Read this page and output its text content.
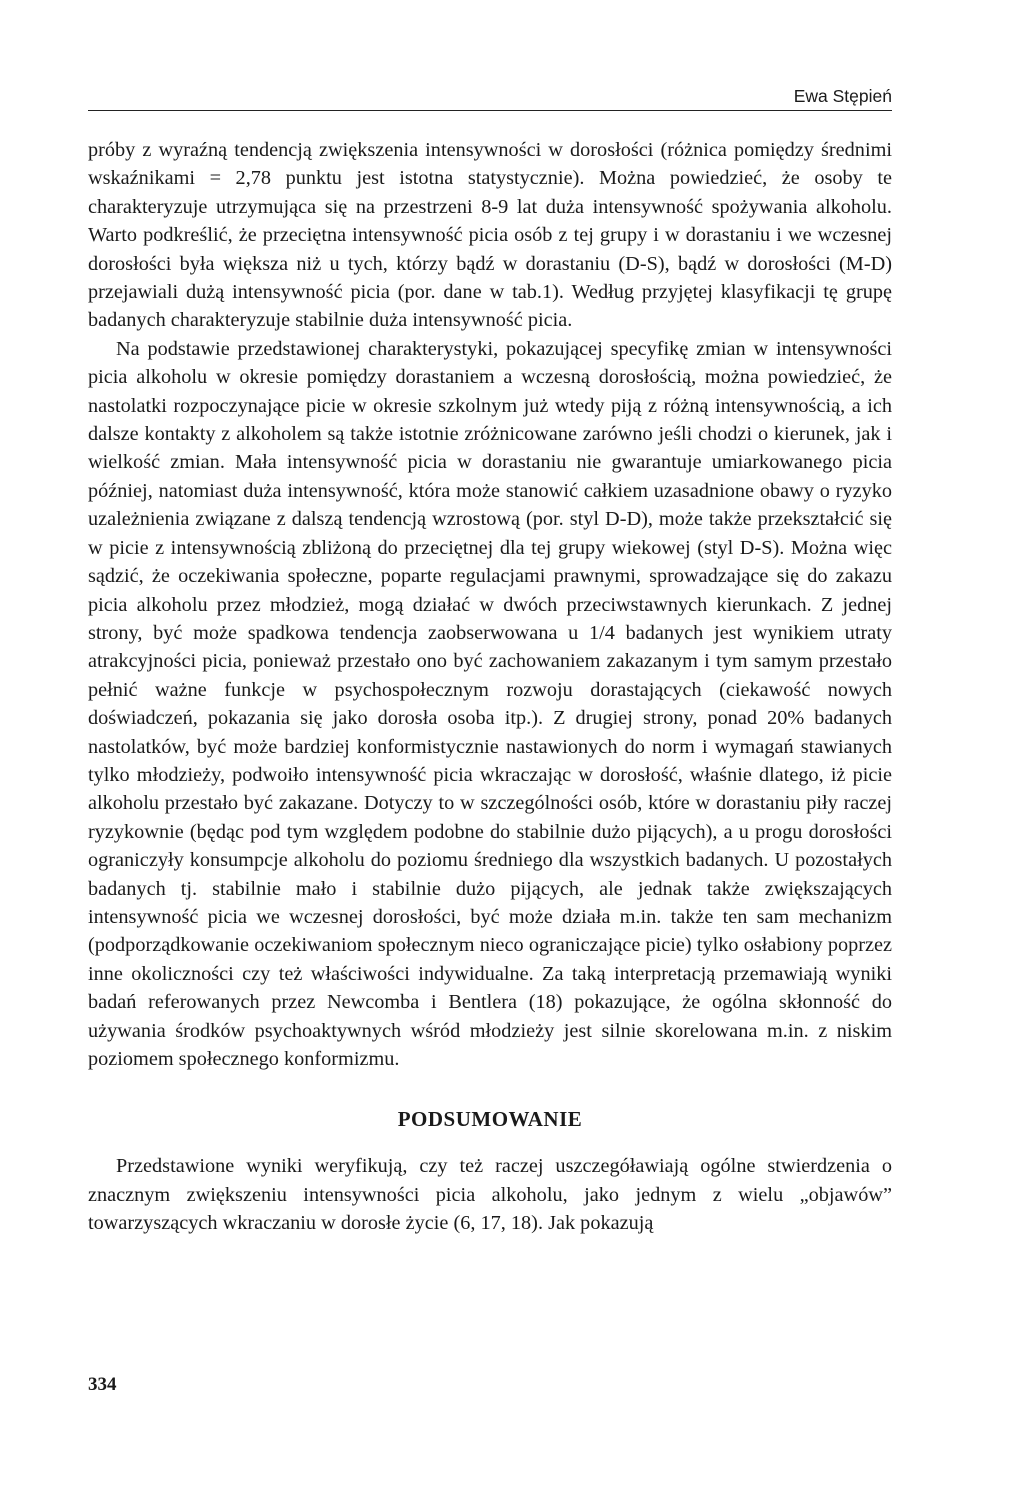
Ewa Stępień

próby z wyraźną tendencją zwiększenia intensywności w dorosłości (różnica pomiędzy średnimi wskaźnikami = 2,78 punktu jest istotna statystycznie). Można powiedzieć, że osoby te charakteryzuje utrzymująca się na przestrzeni 8-9 lat duża intensywność spożywania alkoholu. Warto podkreślić, że przeciętna intensywność picia osób z tej grupy i w dorastaniu i we wczesnej dorosłości była większa niż u tych, którzy bądź w dorastaniu (D-S), bądź w dorosłości (M-D) przejawiali dużą intensywność picia (por. dane w tab.1). Według przyjętej klasyfikacji tę grupę badanych charakteryzuje stabilnie duża intensywność picia.

Na podstawie przedstawionej charakterystyki, pokazującej specyfikę zmian w intensywności picia alkoholu w okresie pomiędzy dorastaniem a wczesną dorosłością, można powiedzieć, że nastolatki rozpoczynające picie w okresie szkolnym już wtedy piją z różną intensywnością, a ich dalsze kontakty z alkoholem są także istotnie zróżnicowane zarówno jeśli chodzi o kierunek, jak i wielkość zmian. Mała intensywność picia w dorastaniu nie gwarantuje umiarkowanego picia później, natomiast duża intensywność, która może stanowić całkiem uzasadnione obawy o ryzyko uzależnienia związane z dalszą tendencją wzrostową (por. styl D-D), może także przekształcić się w picie z intensywnością zbliżoną do przeciętnej dla tej grupy wiekowej (styl D-S). Można więc sądzić, że oczekiwania społeczne, poparte regulacjami prawnymi, sprowadzające się do zakazu picia alkoholu przez młodzież, mogą działać w dwóch przeciwstawnych kierunkach. Z jednej strony, być może spadkowa tendencja zaobserwowana u 1/4 badanych jest wynikiem utraty atrakcyjności picia, ponieważ przestało ono być zachowaniem zakazanym i tym samym przestało pełnić ważne funkcje w psychospołecznym rozwoju dorastających (ciekawość nowych doświadczeń, pokazania się jako dorosła osoba itp.). Z drugiej strony, ponad 20% badanych nastolatków, być może bardziej konformistycznie nastawionych do norm i wymagań stawianych tylko młodzieży, podwoiło intensywność picia wkraczając w dorosłość, właśnie dlatego, iż picie alkoholu przestało być zakazane. Dotyczy to w szczególności osób, które w dorastaniu piły raczej ryzykownie (będąc pod tym względem podobne do stabilnie dużo pijących), a u progu dorosłości ograniczyły konsumpcje alkoholu do poziomu średniego dla wszystkich badanych. U pozostałych badanych tj. stabilnie mało i stabilnie dużo pijących, ale jednak także zwiększających intensywność picia we wczesnej dorosłości, być może działa m.in. także ten sam mechanizm (podporządkowanie oczekiwaniom społecznym nieco ograniczające picie) tylko osłabiony poprzez inne okoliczności czy też właściwości indywidualne. Za taką interpretacją przemawiają wyniki badań referowanych przez Newcomba i Bentlera (18) pokazujące, że ogólna skłonność do używania środków psychoaktywnych wśród młodzieży jest silnie skorelowana m.in. z niskim poziomem społecznego konformizmu.

PODSUMOWANIE

Przedstawione wyniki weryfikują, czy też raczej uszczegóławiają ogólne stwierdzenia o znacznym zwiększeniu intensywności picia alkoholu, jako jednym z wielu „objawów” towarzyszących wkraczaniu w dorosłe życie (6, 17, 18). Jak pokazują

334
